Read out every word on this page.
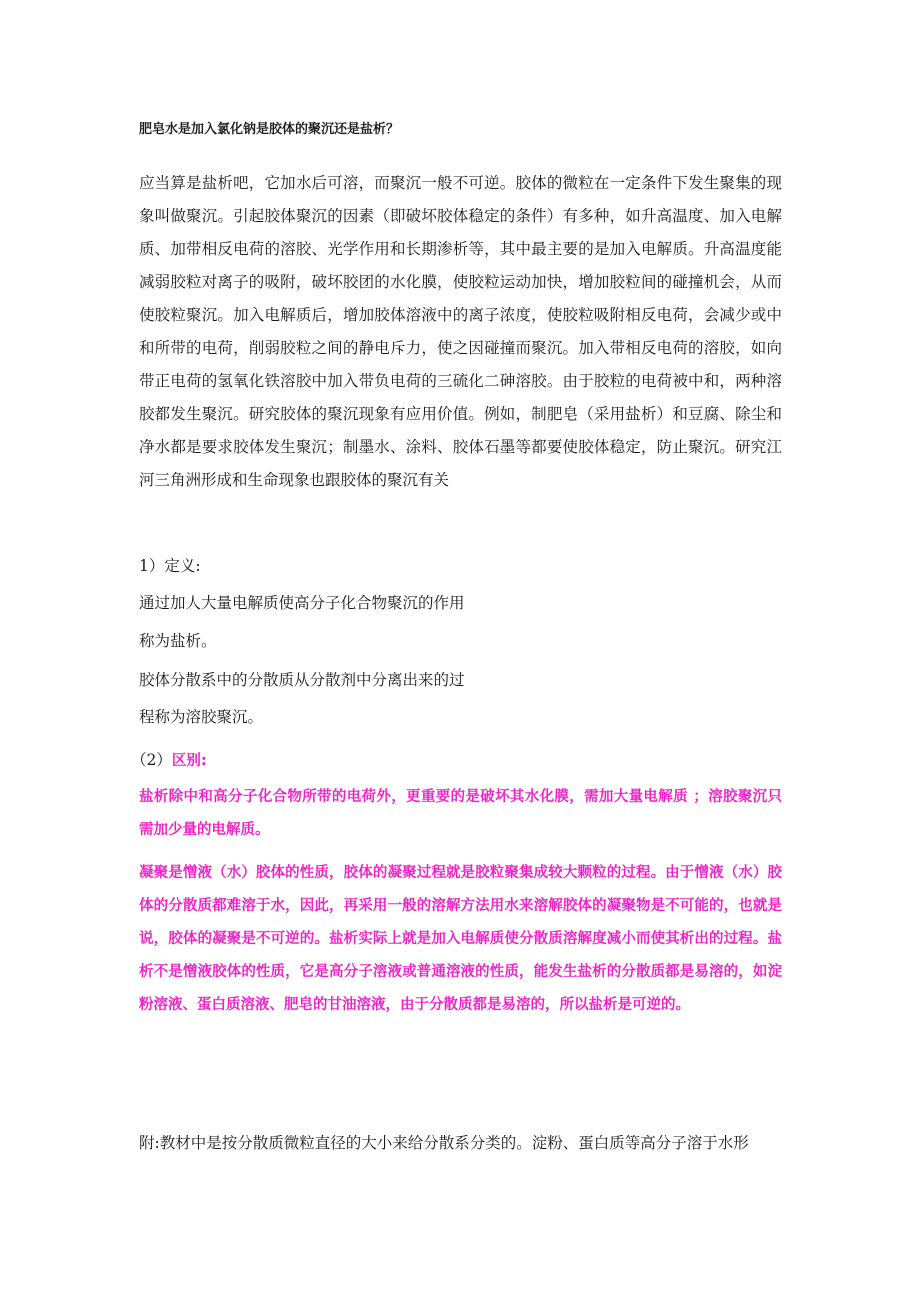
肥皂水是加入氯化钠是胶体的聚沉还是盐析？

应当算是盐析吧，它加水后可溶，而聚沉一般不可逆。胶体的微粒在一定条件下发生聚集的现象叫做聚沉。引起胶体聚沉的因素（即破坏胶体稳定的条件）有多种，如升高温度、加入电解质、加带相反电荷的溶胶、光学作用和长期渗析等，其中最主要的是加入电解质。升高温度能减弱胶粒对离子的吸附，破坏胶团的水化膜，使胶粒运动加快，增加胶粒间的碰撞机会，从而使胶粒聚沉。加入电解质后，增加胶体溶液中的离子浓度，使胶粒吸附相反电荷，会减少或中和所带的电荷，削弱胶粒之间的静电斥力，使之因碰撞而聚沉。加入带相反电荷的溶胶，如向带正电荷的氢氧化铁溶胶中加入带负电荷的三硫化二砷溶胶。由于胶粒的电荷被中和，两种溶胶都发生聚沉。研究胶体的聚沉现象有应用价值。例如，制肥皂（采用盐析）和豆腐、除尘和净水都是要求胶体发生聚沉；制墨水、涂料、胶体石墨等都要使胶体稳定，防止聚沉。研究江河三角洲形成和生命现象也跟胶体的聚沉有关

1）定义:

通过加人大量电解质使高分子化合物聚沉的作用

称为盐析。

胶体分散系中的分散质从分散剂中分离出来的过

程称为溶胶聚沉。

（2）区别:

盐析除中和高分子化合物所带的电荷外，更重要的是破坏其水化膜，需加大量电解质 ；溶胶聚沉只需加少量的电解质。

凝聚是憎液（水）胶体的性质，胶体的凝聚过程就是胶粒聚集成较大颗粒的过程。由于憎液（水）胶体的分散质都难溶于水，因此，再采用一般的溶解方法用水来溶解胶体的凝聚物是不可能的，也就是说，胶体的凝聚是不可逆的。盐析实际上就是加入电解质使分散质溶解度减小而使其析出的过程。盐析不是憎液胶体的性质，它是高分子溶液或普通溶液的性质，能发生盐析的分散质都是易溶的，如淀粉溶液、蛋白质溶液、肥皂的甘油溶液，由于分散质都是易溶的，所以盐析是可逆的。

附:教材中是按分散质微粒直径的大小来给分散系分类的。淀粉、蛋白质等高分子溶于水形
